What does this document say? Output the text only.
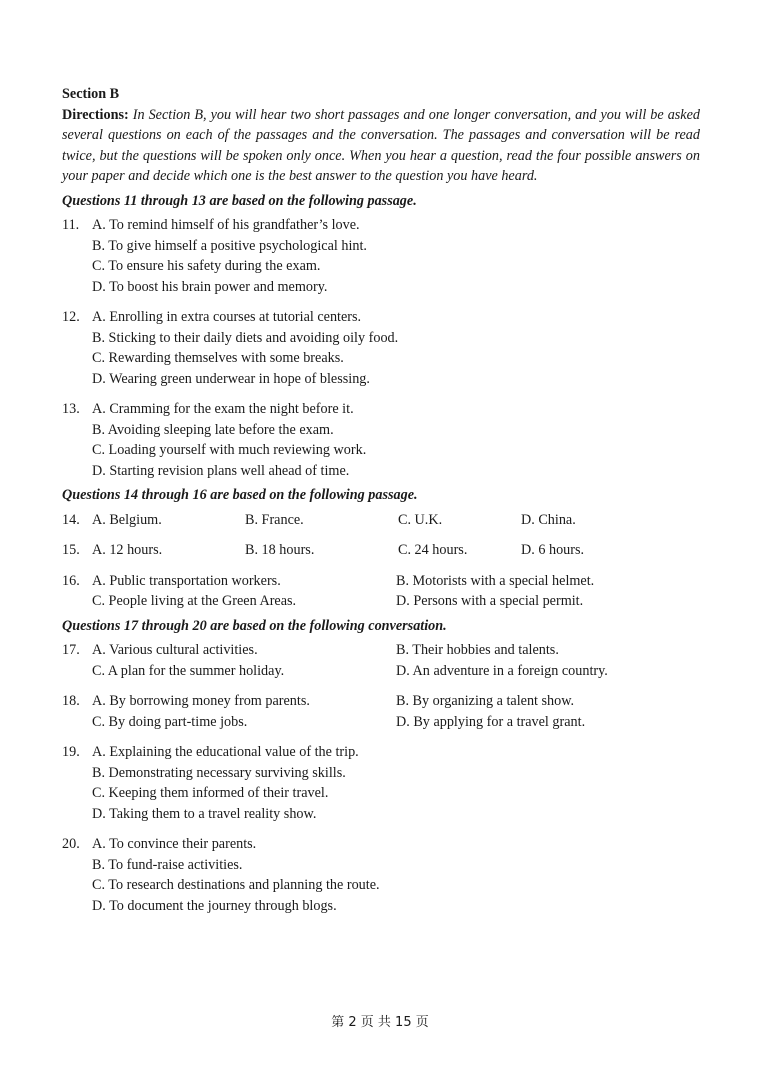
Section B

Directions: In Section B, you will hear two short passages and one longer conversation, and you will be asked several questions on each of the passages and the conversation. The passages and conversation will be read twice, but the questions will be spoken only once. When you hear a question, read the four possible answers on your paper and decide which one is the best answer to the question you have heard.

Questions 11 through 13 are based on the following passage.
11. A. To remind himself of his grandfather’s love.
B. To give himself a positive psychological hint.
C. To ensure his safety during the exam.
D. To boost his brain power and memory.
12. A. Enrolling in extra courses at tutorial centers.
B. Sticking to their daily diets and avoiding oily food.
C. Rewarding themselves with some breaks.
D. Wearing green underwear in hope of blessing.
13. A. Cramming for the exam the night before it.
B. Avoiding sleeping late before the exam.
C. Loading yourself with much reviewing work.
D. Starting revision plans well ahead of time.
Questions 14 through 16 are based on the following passage.
14. A. Belgium.	B. France.	C. U.K.	D. China.
15. A. 12 hours.	B. 18 hours.	C. 24 hours.	D. 6 hours.
16. A. Public transportation workers.	B. Motorists with a special helmet.
C. People living at the Green Areas.	D. Persons with a special permit.
Questions 17 through 20 are based on the following conversation.
17. A. Various cultural activities.	B. Their hobbies and talents.
C. A plan for the summer holiday.	D. An adventure in a foreign country.
18. A. By borrowing money from parents.	B. By organizing a talent show.
C. By doing part-time jobs.	D. By applying for a travel grant.
19. A. Explaining the educational value of the trip.
B. Demonstrating necessary surviving skills.
C. Keeping them informed of their travel.
D. Taking them to a travel reality show.
20. A. To convince their parents.
B. To fund-raise activities.
C. To research destinations and planning the route.
D. To document the journey through blogs.
第 2 页 共 15 页
